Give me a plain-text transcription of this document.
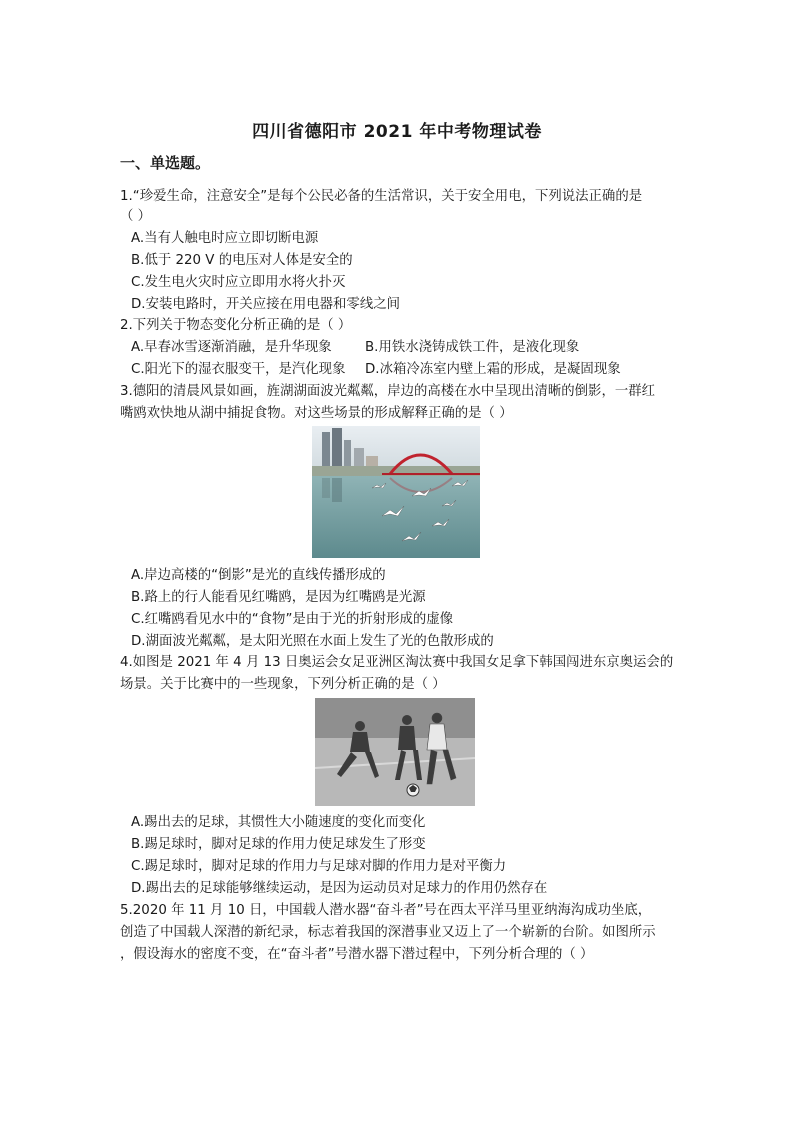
四川省德阳市 2021 年中考物理试卷
一、单选题。
1.“珍爱生命，注意安全”是每个公民必备的生活常识，关于安全用电，下列说法正确的是
（ ）
A.当有人触电时应立即切断电源
B.低于 220 V 的电压对人体是安全的
C.发生电火灾时应立即用水将火扑灭
D.安装电路时，开关应接在用电器和零线之间
2.下列关于物态变化分析正确的是（ ）
A.早春冰雪逐渐消融，是升华现象 B.用铁水浇铸成铁工件，是液化现象
C.阳光下的湿衣服变干，是汽化现象 D.冰箱冷冻室内壁上霜的形成，是凝固现象
3.德阳的清晨风景如画，旌湖湖面波光粼粼，岸边的高楼在水中呈现出清晰的倒影，一群红
嘴鸥欢快地从湖中捕捉食物。对这些场景的形成解释正确的是（ ）
A.岸边高楼的“倒影”是光的直线传播形成的
B.路上的行人能看见红嘴鸥，是因为红嘴鸥是光源
C.红嘴鸥看见水中的“食物”是由于光的折射形成的虚像
D.湖面波光粼粼，是太阳光照在水面上发生了光的色散形成的
4.如图是 2021 年 4 月 13 日奥运会女足亚洲区淘汰赛中我国女足拿下韩国闯进东京奥运会的
场景。关于比赛中的一些现象，下列分析正确的是（ ）
A.踢出去的足球，其惯性大小随速度的变化而变化
B.踢足球时，脚对足球的作用力使足球发生了形变
C.踢足球时，脚对足球的作用力与足球对脚的作用力是对平衡力
D.踢出去的足球能够继续运动，是因为运动员对足球力的作用仍然存在
5.2020 年 11 月 10 日，中国载人潜水器“奋斗者”号在西太平洋马里亚纳海沟成功坐底，
创造了中国载人深潜的新纪录，标志着我国的深潜事业又迈上了一个崭新的台阶。如图所示
，假设海水的密度不变，在“奋斗者”号潜水器下潜过程中，下列分析合理的（ ）
